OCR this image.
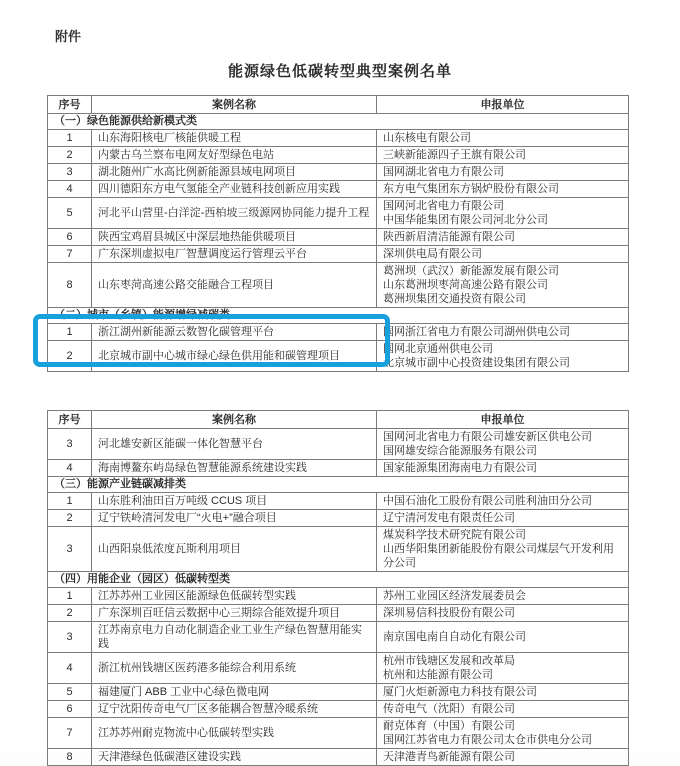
附件
能源绿色低碳转型典型案例名单
序号	案例名称	申报单位
（一）绿色能源供给新模式类		
1	山东海阳核电厂核能供暖工程	山东核电有限公司

2	内蒙古乌兰察布电网友好型绿色电站	三峡新能源四子王旗有限公司

3	湖北随州广水高比例新能源县域电网项目	国网湖北省电力有限公司

4	四川德阳东方电气氢能全产业链科技创新应用实践	东方电气集团东方锅炉股份有限公司

5	河北平山营里-白洋淀-西柏坡三级源网协同能力提升工程	国网河北省电力有限公司
中国华能集团有限公司河北分公司

6	陕西宝鸡眉县城区中深层地热能供暖项目	陕西新眉清洁能源有限公司

7	广东深圳虚拟电厂智慧调度运行管理云平台	深圳供电局有限公司

8	山东枣菏高速公路交能融合工程项目	葛洲坝（武汉）新能源发展有限公司
山东葛洲坝枣菏高速公路有限公司
葛洲坝集团交通投资有限公司

（二）城市（乡镇）能源增绿减碳类		
1	浙江湖州新能源云数智化碳管理平台	国网浙江省电力有限公司湖州供电公司

2	北京城市副中心城市绿心绿色供用能和碳管理项目	国网北京通州供电公司
北京城市副中心投资建设集团有限公司
序号	案例名称	申报单位
3	河北雄安新区能碳一体化智慧平台	国网河北省电力有限公司雄安新区供电公司
国网雄安综合能源服务有限公司

4	海南博鳌东屿岛绿色智慧能源系统建设实践	国家能源集团海南电力有限公司

（三）能源产业链碳减排类		
1	山东胜利油田百万吨级 CCUS 项目	中国石油化工股份有限公司胜利油田分公司

2	辽宁铁岭清河发电厂“火电+”融合项目	辽宁清河发电有限责任公司

3	山西阳泉低浓度瓦斯利用项目	煤炭科学技术研究院有限公司
山西华阳集团新能股份有限公司煤层气开发利用分公司

（四）用能企业（园区）低碳转型类		
1	江苏苏州工业园区能源绿色低碳转型实践	苏州工业园区经济发展委员会

2	广东深圳百旺信云数据中心三期综合能效提升项目	深圳易信科技股份有限公司

3	江苏南京电力自动化制造企业工业生产绿色智慧用能实践	南京国电南自自动化有限公司

4	浙江杭州钱塘区医药港多能综合利用系统	杭州市钱塘区发展和改革局
杭州和达能源有限公司

5	福建厦门 ABB 工业中心绿色微电网	厦门火炬新源电力科技有限公司

6	辽宁沈阳传奇电气厂区多能耦合智慧冷暖系统	传奇电气（沈阳）有限公司

7	江苏苏州耐克物流中心低碳转型实践	耐克体育（中国）有限公司
国网江苏省电力有限公司太仓市供电分公司

8	天津港绿色低碳港区建设实践	天津港青鸟新能源有限公司
